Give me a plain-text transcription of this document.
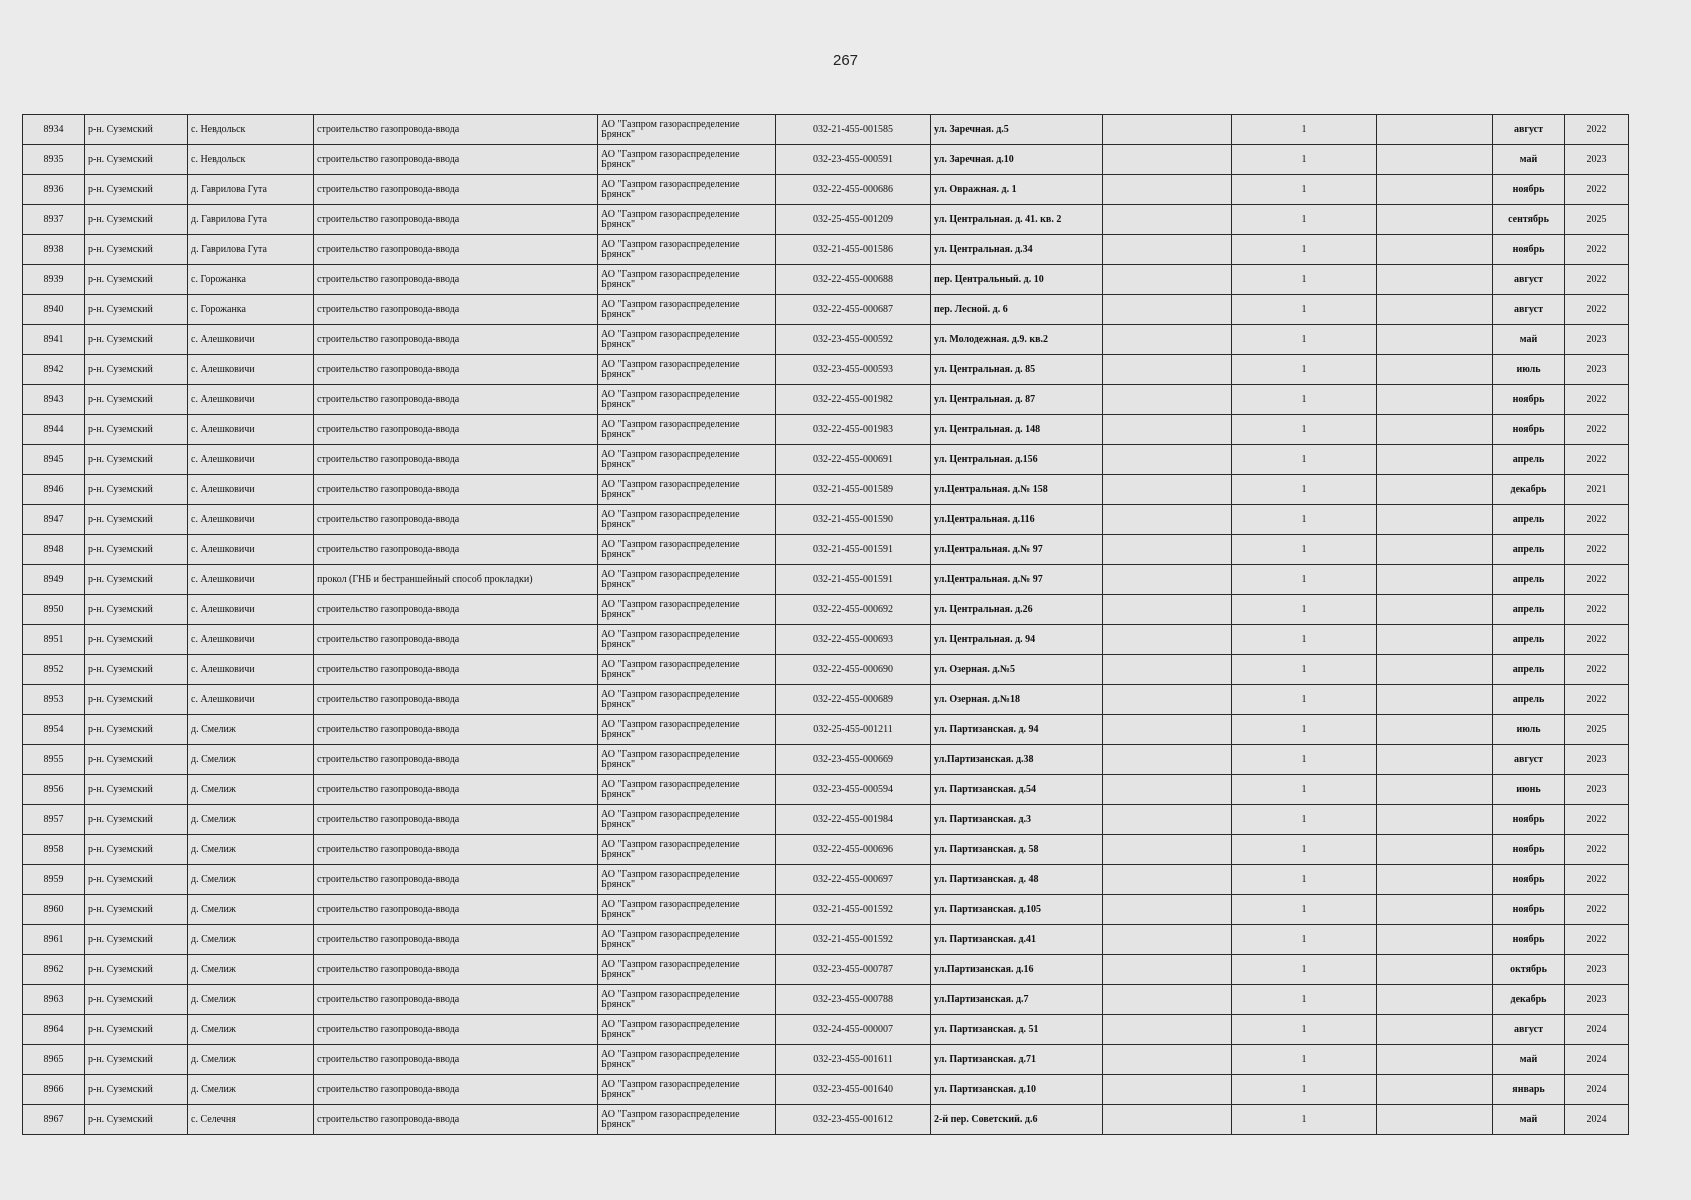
267
8934	р-н. Суземский	с. Невдольск	строительство газопровода-ввода	АО "Газпром газораспределение Брянск"	032-21-455-001585	ул. Заречная. д.5		1		август	2022
8935	р-н. Суземский	с. Невдольск	строительство газопровода-ввода	АО "Газпром газораспределение Брянск"	032-23-455-000591	ул. Заречная. д.10		1		май	2023
8936	р-н. Суземский	д. Гаврилова Гута	строительство газопровода-ввода	АО "Газпром газораспределение Брянск"	032-22-455-000686	ул. Овражная. д. 1		1		ноябрь	2022
8937	р-н. Суземский	д. Гаврилова Гута	строительство газопровода-ввода	АО "Газпром газораспределение Брянск"	032-25-455-001209	ул. Центральная. д. 41. кв. 2		1		сентябрь	2025
8938	р-н. Суземский	д. Гаврилова Гута	строительство газопровода-ввода	АО "Газпром газораспределение Брянск"	032-21-455-001586	ул. Центральная. д.34		1		ноябрь	2022
8939	р-н. Суземский	с. Горожанка	строительство газопровода-ввода	АО "Газпром газораспределение Брянск"	032-22-455-000688	пер. Центральный. д. 10		1		август	2022
8940	р-н. Суземский	с. Горожанка	строительство газопровода-ввода	АО "Газпром газораспределение Брянск"	032-22-455-000687	пер. Лесной. д. 6		1		август	2022
8941	р-н. Суземский	с. Алешковичи	строительство газопровода-ввода	АО "Газпром газораспределение Брянск"	032-23-455-000592	ул. Молодежная. д.9. кв.2		1		май	2023
8942	р-н. Суземский	с. Алешковичи	строительство газопровода-ввода	АО "Газпром газораспределение Брянск"	032-23-455-000593	ул. Центральная. д. 85		1		июль	2023
8943	р-н. Суземский	с. Алешковичи	строительство газопровода-ввода	АО "Газпром газораспределение Брянск"	032-22-455-001982	ул. Центральная. д. 87		1		ноябрь	2022
8944	р-н. Суземский	с. Алешковичи	строительство газопровода-ввода	АО "Газпром газораспределение Брянск"	032-22-455-001983	ул. Центральная. д. 148		1		ноябрь	2022
8945	р-н. Суземский	с. Алешковичи	строительство газопровода-ввода	АО "Газпром газораспределение Брянск"	032-22-455-000691	ул. Центральная. д.156		1		апрель	2022
8946	р-н. Суземский	с. Алешковичи	строительство газопровода-ввода	АО "Газпром газораспределение Брянск"	032-21-455-001589	ул.Центральная. д.№ 158		1		декабрь	2021
8947	р-н. Суземский	с. Алешковичи	строительство газопровода-ввода	АО "Газпром газораспределение Брянск"	032-21-455-001590	ул.Центральная. д.116		1		апрель	2022
8948	р-н. Суземский	с. Алешковичи	строительство газопровода-ввода	АО "Газпром газораспределение Брянск"	032-21-455-001591	ул.Центральная. д.№ 97		1		апрель	2022
8949	р-н. Суземский	с. Алешковичи	прокол (ГНБ и бестраншейный способ прокладки)	АО "Газпром газораспределение Брянск"	032-21-455-001591	ул.Центральная. д.№ 97		1		апрель	2022
8950	р-н. Суземский	с. Алешковичи	строительство газопровода-ввода	АО "Газпром газораспределение Брянск"	032-22-455-000692	ул. Центральная. д.26		1		апрель	2022
8951	р-н. Суземский	с. Алешковичи	строительство газопровода-ввода	АО "Газпром газораспределение Брянск"	032-22-455-000693	ул. Центральная. д. 94		1		апрель	2022
8952	р-н. Суземский	с. Алешковичи	строительство газопровода-ввода	АО "Газпром газораспределение Брянск"	032-22-455-000690	ул. Озерная. д.№5		1		апрель	2022
8953	р-н. Суземский	с. Алешковичи	строительство газопровода-ввода	АО "Газпром газораспределение Брянск"	032-22-455-000689	ул. Озерная. д.№18		1		апрель	2022
8954	р-н. Суземский	д. Смелиж	строительство газопровода-ввода	АО "Газпром газораспределение Брянск"	032-25-455-001211	ул. Партизанская. д. 94		1		июль	2025
8955	р-н. Суземский	д. Смелиж	строительство газопровода-ввода	АО "Газпром газораспределение Брянск"	032-23-455-000669	ул.Партизанская. д.38		1		август	2023
8956	р-н. Суземский	д. Смелиж	строительство газопровода-ввода	АО "Газпром газораспределение Брянск"	032-23-455-000594	ул. Партизанская. д.54		1		июнь	2023
8957	р-н. Суземский	д. Смелиж	строительство газопровода-ввода	АО "Газпром газораспределение Брянск"	032-22-455-001984	ул. Партизанская. д.3		1		ноябрь	2022
8958	р-н. Суземский	д. Смелиж	строительство газопровода-ввода	АО "Газпром газораспределение Брянск"	032-22-455-000696	ул. Партизанская. д. 58		1		ноябрь	2022
8959	р-н. Суземский	д. Смелиж	строительство газопровода-ввода	АО "Газпром газораспределение Брянск"	032-22-455-000697	ул. Партизанская. д. 48		1		ноябрь	2022
8960	р-н. Суземский	д. Смелиж	строительство газопровода-ввода	АО "Газпром газораспределение Брянск"	032-21-455-001592	ул. Партизанская. д.105		1		ноябрь	2022
8961	р-н. Суземский	д. Смелиж	строительство газопровода-ввода	АО "Газпром газораспределение Брянск"	032-21-455-001592	ул. Партизанская. д.41		1		ноябрь	2022
8962	р-н. Суземский	д. Смелиж	строительство газопровода-ввода	АО "Газпром газораспределение Брянск"	032-23-455-000787	ул.Партизанская. д.16		1		октябрь	2023
8963	р-н. Суземский	д. Смелиж	строительство газопровода-ввода	АО "Газпром газораспределение Брянск"	032-23-455-000788	ул.Партизанская. д.7		1		декабрь	2023
8964	р-н. Суземский	д. Смелиж	строительство газопровода-ввода	АО "Газпром газораспределение Брянск"	032-24-455-000007	ул. Партизанская. д. 51		1		август	2024
8965	р-н. Суземский	д. Смелиж	строительство газопровода-ввода	АО "Газпром газораспределение Брянск"	032-23-455-001611	ул. Партизанская. д.71		1		май	2024
8966	р-н. Суземский	д. Смелиж	строительство газопровода-ввода	АО "Газпром газораспределение Брянск"	032-23-455-001640	ул. Партизанская. д.10		1		январь	2024
8967	р-н. Суземский	с. Селечня	строительство газопровода-ввода	АО "Газпром газораспределение Брянск"	032-23-455-001612	2-й пер. Советский. д.6		1		май	2024
